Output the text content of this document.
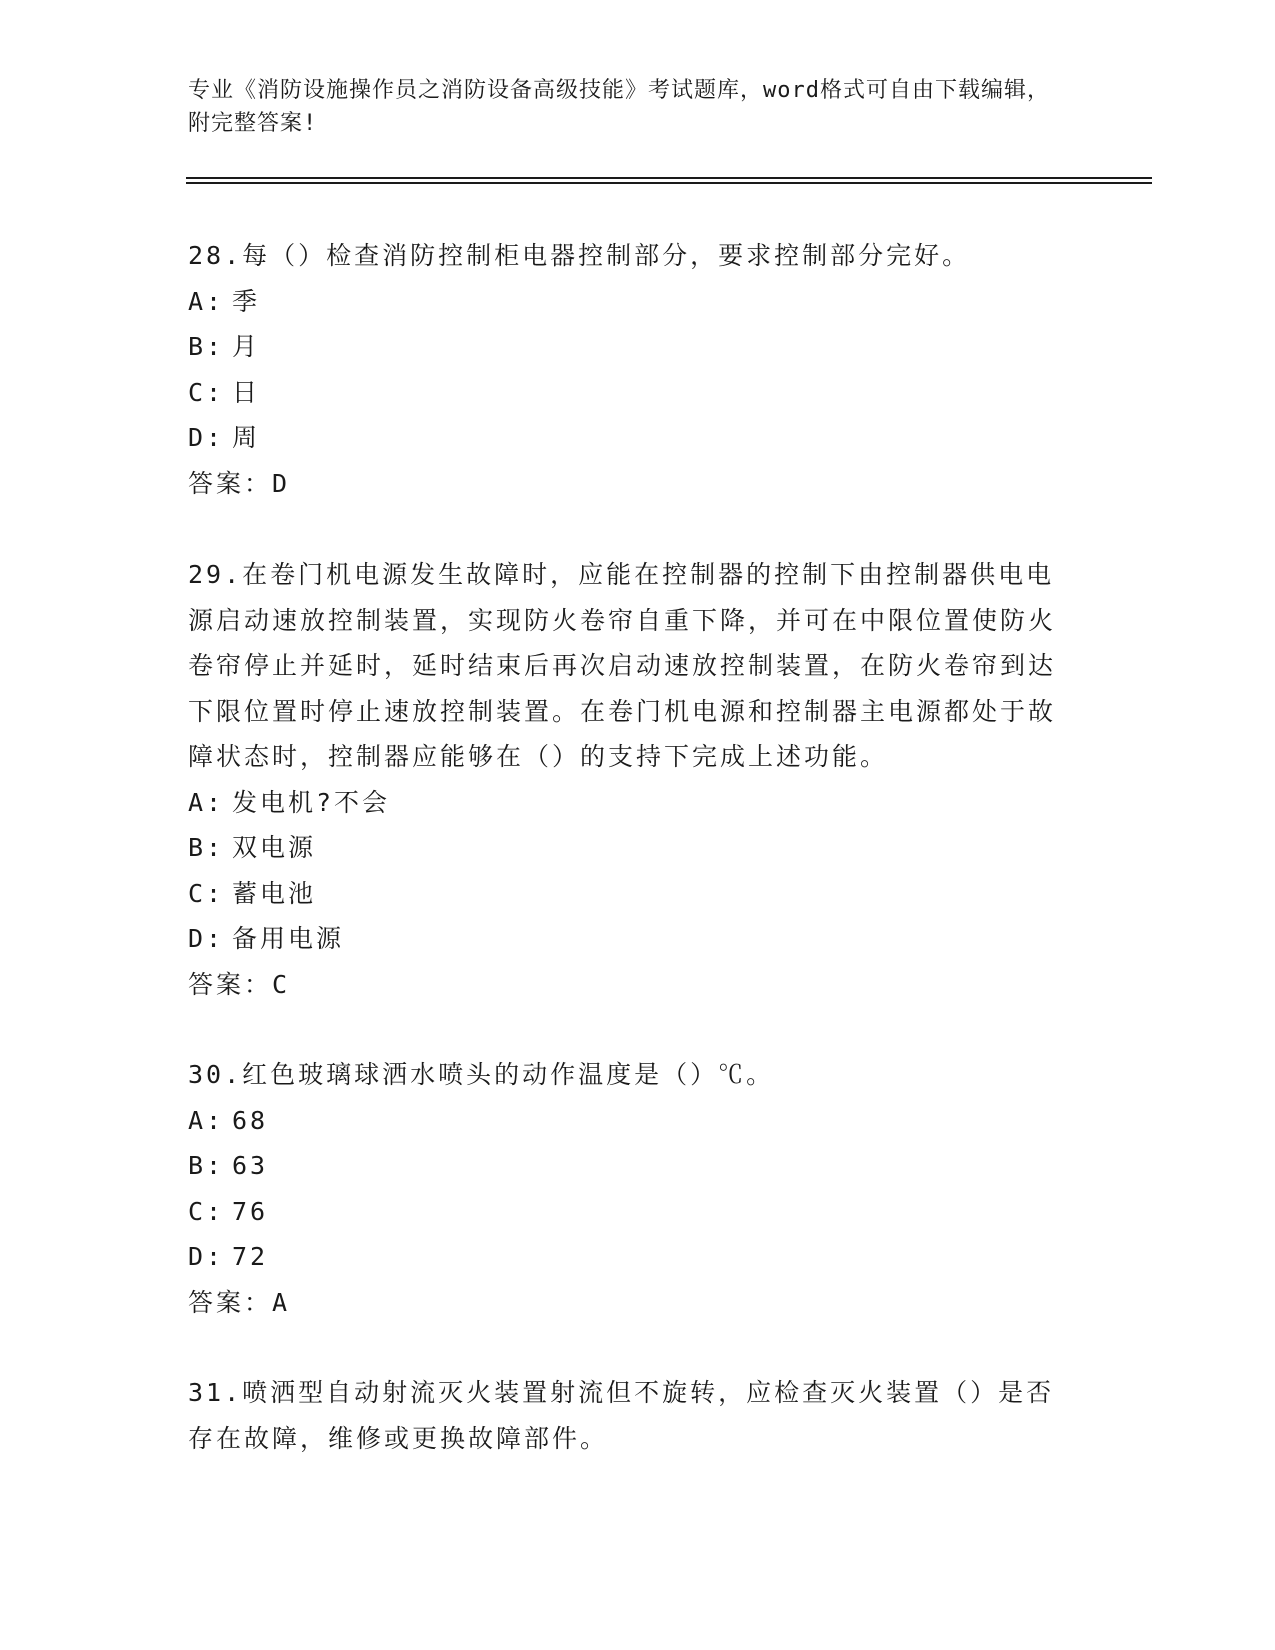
专业《消防设施操作员之消防设备高级技能》考试题库，word格式可自由下载编辑，附完整答案!
28.每（）检查消防控制柜电器控制部分，要求控制部分完好。
A: 季
B: 月
C: 日
D: 周
答案：D
29.在卷门机电源发生故障时，应能在控制器的控制下由控制器供电电源启动速放控制装置，实现防火卷帘自重下降，并可在中限位置使防火卷帘停止并延时，延时结束后再次启动速放控制装置，在防火卷帘到达下限位置时停止速放控制装置。在卷门机电源和控制器主电源都处于故障状态时，控制器应能够在（）的支持下完成上述功能。
A: 发电机?不会
B: 双电源
C: 蓄电池
D: 备用电源
答案：C
30.红色玻璃球洒水喷头的动作温度是（）℃。
A: 68
B: 63
C: 76
D: 72
答案：A
31.喷洒型自动射流灭火装置射流但不旋转，应检查灭火装置（）是否存在故障，维修或更换故障部件。
